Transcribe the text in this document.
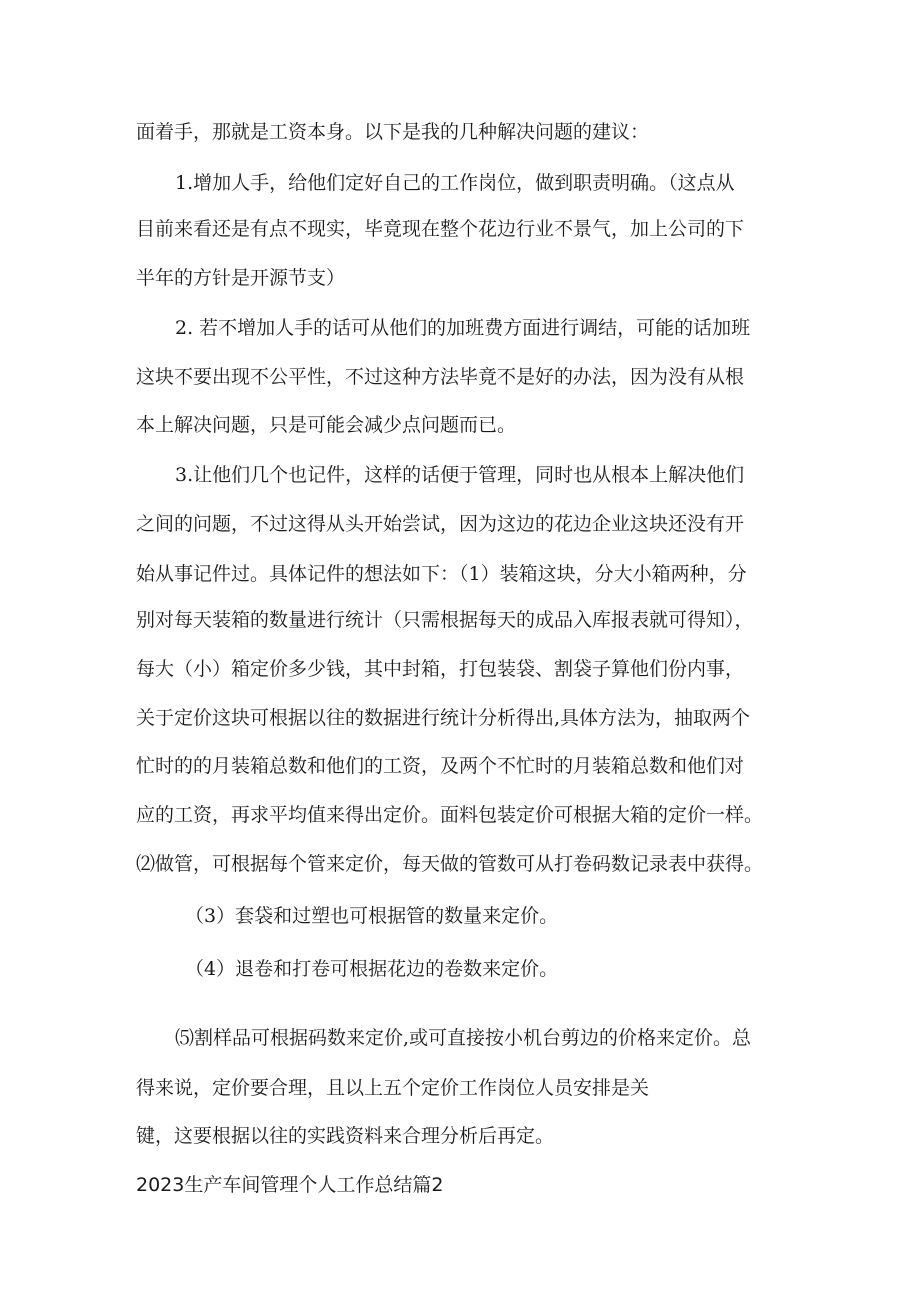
面着手，那就是工资本身。以下是我的几种解决问题的建议：
1.增加人手，给他们定好自己的工作岗位，做到职责明确。（这点从
目前来看还是有点不现实，毕竟现在整个花边行业不景气，加上公司的下
半年的方针是开源节支）
2. 若不增加人手的话可从他们的加班费方面进行调结，可能的话加班
这块不要出现不公平性，不过这种方法毕竟不是好的办法，因为没有从根
本上解决问题，只是可能会减少点问题而已。
3.让他们几个也记件，这样的话便于管理，同时也从根本上解决他们
之间的问题，不过这得从头开始尝试，因为这边的花边企业这块还没有开
始从事记件过。具体记件的想法如下：（1）装箱这块，分大小箱两种，分
别对每天装箱的数量进行统计（只需根据每天的成品入库报表就可得知），
每大（小）箱定价多少钱，其中封箱，打包装袋、割袋子算他们份内事，
关于定价这块可根据以往的数据进行统计分析得出,具体方法为，抽取两个
忙时的的月装箱总数和他们的工资，及两个不忙时的月装箱总数和他们对
应的工资，再求平均值来得出定价。面料包装定价可根据大箱的定价一样。
⑵做管，可根据每个管来定价，每天做的管数可从打卷码数记录表中获得。
（3）套袋和过塑也可根据管的数量来定价。
（4）退卷和打卷可根据花边的卷数来定价。
⑸割样品可根据码数来定价,或可直接按小机台剪边的价格来定价。总
得来说，定价要合理，且以上五个定价工作岗位人员安排是关
键，这要根据以往的实践资料来合理分析后再定。
2023生产车间管理个人工作总结篇2
